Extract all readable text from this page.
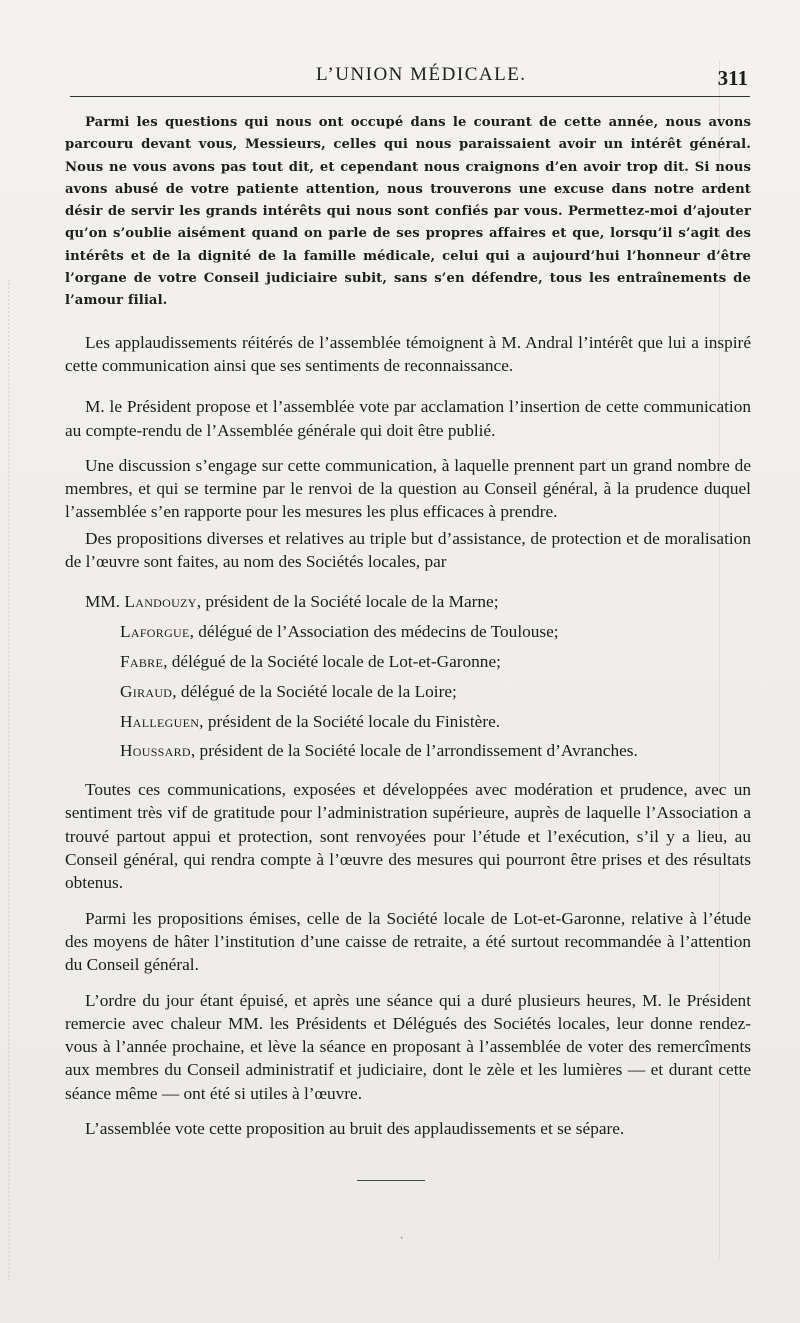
L’UNION MÉDICALE.	311

Parmi les questions qui nous ont occupé dans le courant de cette année, nous avons parcouru devant vous, Messieurs, celles qui nous paraissaient avoir un intérêt général. Nous ne vous avons pas tout dit, et cependant nous craignons d’en avoir trop dit. Si nous avons abusé de votre patiente attention, nous trouverons une excuse dans notre ardent désir de servir les grands intérêts qui nous sont confiés par vous. Permettez-moi d’ajouter qu’on s’oublie aisément quand on parle de ses propres affaires et que, lorsqu’il s’agit des intérêts et de la dignité de la famille médicale, celui qui a aujourd’hui l’honneur d’être l’organe de votre Conseil judiciaire subit, sans s’en défendre, tous les entraînements de l’amour filial.

Les applaudissements réitérés de l’assemblée témoignent à M. Andral l’intérêt que lui a inspiré cette communication ainsi que ses sentiments de reconnaissance.

M. le Président propose et l’assemblée vote par acclamation l’insertion de cette communication au compte-rendu de l’Assemblée générale qui doit être publié.

Une discussion s’engage sur cette communication, à laquelle prennent part un grand nombre de membres, et qui se termine par le renvoi de la question au Conseil général, à la prudence duquel l’assemblée s’en rapporte pour les mesures les plus efficaces à prendre.

Des propositions diverses et relatives au triple but d’assistance, de protection et de moralisation de l’œuvre sont faites, au nom des Sociétés locales, par

MM. Landouzy, président de la Société locale de la Marne;
Laforgue, délégué de l’Association des médecins de Toulouse;
Fabre, délégué de la Société locale de Lot-et-Garonne;
Giraud, délégué de la Société locale de la Loire;
Halleguen, président de la Société locale du Finistère.
Houssard, président de la Société locale de l’arrondissement d’Avranches.

Toutes ces communications, exposées et développées avec modération et prudence, avec un sentiment très vif de gratitude pour l’administration supérieure, auprès de laquelle l’Association a trouvé partout appui et protection, sont renvoyées pour l’étude et l’exécution, s’il y a lieu, au Conseil général, qui rendra compte à l’œuvre des mesures qui pourront être prises et des résultats obtenus.

Parmi les propositions émises, celle de la Société locale de Lot-et-Garonne, relative à l’étude des moyens de hâter l’institution d’une caisse de retraite, a été surtout recommandée à l’attention du Conseil général.

L’ordre du jour étant épuisé, et après une séance qui a duré plusieurs heures, M. le Président remercie avec chaleur MM. les Présidents et Délégués des Sociétés locales, leur donne rendez-vous à l’année prochaine, et lève la séance en proposant à l’assemblée de voter des remercîments aux membres du Conseil administratif et judiciaire, dont le zèle et les lumières — et durant cette séance même — ont été si utiles à l’œuvre.

L’assemblée vote cette proposition au bruit des applaudissements et se sépare.

ˎ
